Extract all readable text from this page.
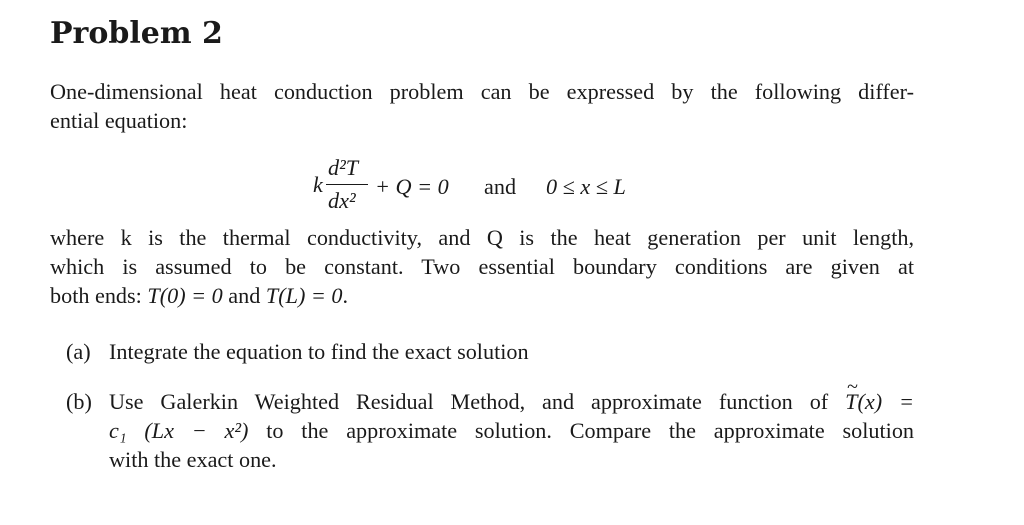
Problem 2

One-dimensional heat conduction problem can be expressed by the following differ-
ential equation:

k
d²T
dx²
+ Q = 0 and 0 ≤ x ≤ L

where k is the thermal conductivity, and Q is the heat generation per unit length,
which is assumed to be constant. Two essential boundary conditions are given at
both ends: T(0) = 0 and T(L) = 0.

(a) Integrate the equation to find the exact solution
(b) Use Galerkin Weighted Residual Method, and approximate function of ~ T(x) =
c₁ (Lx − x²) to the approximate solution. Compare the approximate solution
with the exact one.
